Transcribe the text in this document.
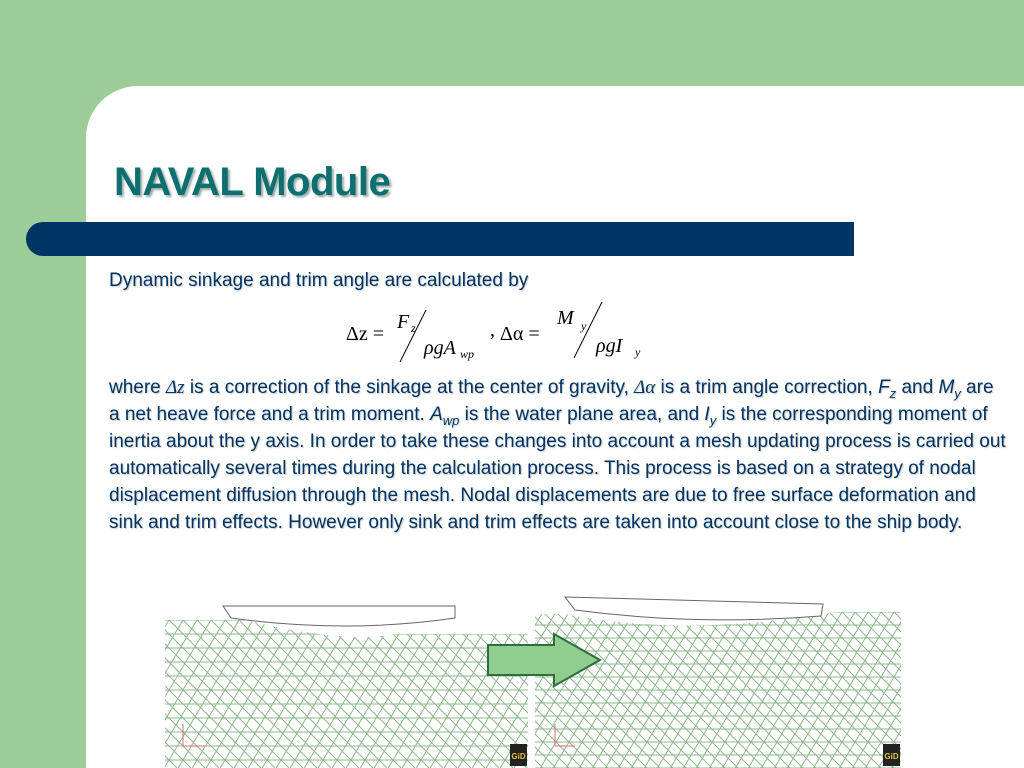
NAVAL Module

Dynamic sinkage and trim angle are calculated by

Δz =
F z
ρgA wp
, Δα =
M y
ρgI y

where Δz is a correction of the sinkage at the center of gravity, Δα is a trim angle correction, $F_z$ and $M_y$ are a net heave force and a trim moment. $A_{wp}$ is the water plane area, and $I_y$ is the corresponding moment of inertia about the y axis. In order to take these changes into account a mesh updating process is carried out automatically several times during the calculation process. This process is based on a strategy of nodal displacement diffusion through the mesh. Nodal displacements are due to free surface deformation and sink and trim effects. However only sink and trim effects are taken into account close to the ship body.

GiD	GiD
